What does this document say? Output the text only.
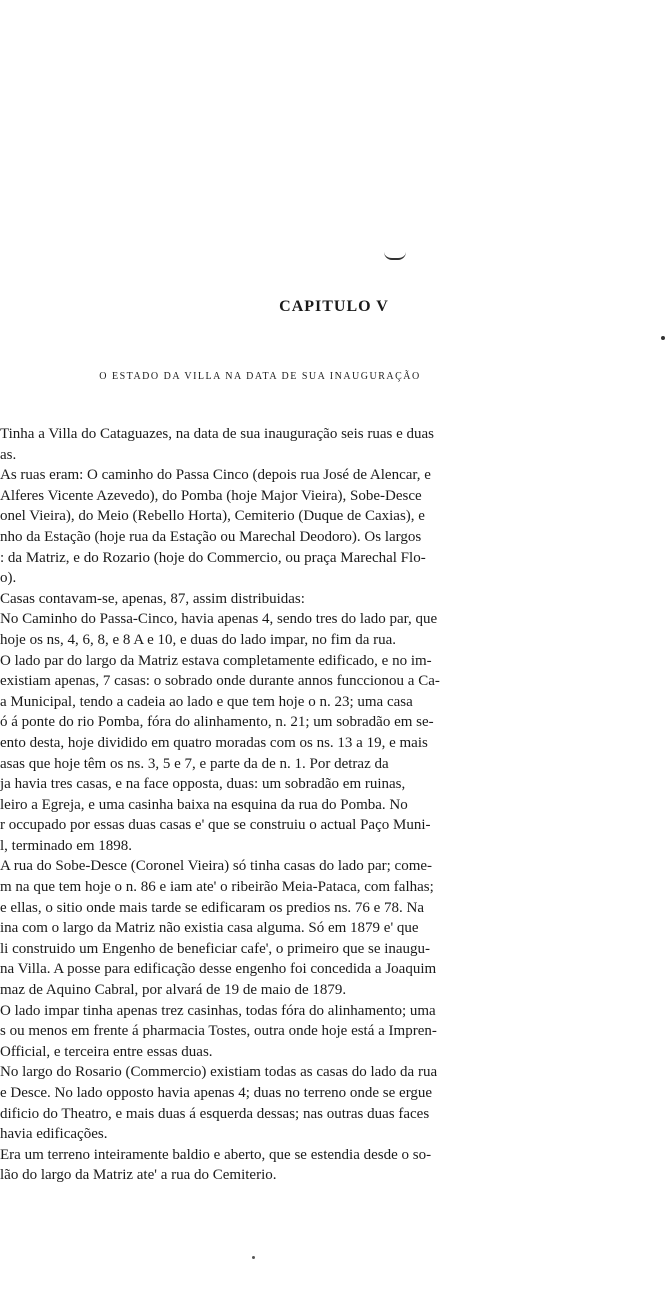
CAPITULO V
O ESTADO DA VILLA NA DATA DE SUA INAUGURAÇÃO
Tinha a Villa do Cataguazes, na data de sua inauguração seis ruas e duas
as.
As ruas eram: O caminho do Passa Cinco (depois rua José de Alencar, e
Alferes Vicente Azevedo), do Pomba (hoje Major Vieira), Sobe-Desce
onel Vieira), do Meio (Rebello Horta), Cemiterio (Duque de Caxias), e
nho da Estação (hoje rua da Estação ou Marechal Deodoro). Os largos
: da Matriz, e do Rozario (hoje do Commercio, ou praça Marechal Flo-
o).
Casas contavam-se, apenas, 87, assim distribuidas:
No Caminho do Passa-Cinco, havia apenas 4, sendo tres do lado par, que
hoje os ns, 4, 6, 8, e 8 A e 10, e duas do lado impar, no fim da rua.
O lado par do largo da Matriz estava completamente edificado, e no im-
existiam apenas, 7 casas: o sobrado onde durante annos funccionou a Ca-
a Municipal, tendo a cadeia ao lado e que tem hoje o n. 23; uma casa
ó á ponte do rio Pomba, fóra do alinhamento, n. 21; um sobradão em se-
ento desta, hoje dividido em quatro moradas com os ns. 13 a 19, e mais
asas que hoje têm os ns. 3, 5 e 7, e parte da de n. 1. Por detraz da
ja havia tres casas, e na face opposta, duas: um sobradão em ruinas,
leiro a Egreja, e uma casinha baixa na esquina da rua do Pomba. No
r occupado por essas duas casas e' que se construiu o actual Paço Muni-
l, terminado em 1898.
A rua do Sobe-Desce (Coronel Vieira) só tinha casas do lado par; come-
m na que tem hoje o n. 86 e iam ate' o ribeirão Meia-Pataca, com falhas;
e ellas, o sitio onde mais tarde se edificaram os predios ns. 76 e 78. Na
ina com o largo da Matriz não existia casa alguma. Só em 1879 e' que
li construido um Engenho de beneficiar cafe', o primeiro que se inaugu-
na Villa. A posse para edificação desse engenho foi concedida a Joaquim
maz de Aquino Cabral, por alvará de 19 de maio de 1879.
O lado impar tinha apenas trez casinhas, todas fóra do alinhamento; uma
s ou menos em frente á pharmacia Tostes, outra onde hoje está a Impren-
Official, e terceira entre essas duas.
No largo do Rosario (Commercio) existiam todas as casas do lado da rua
e Desce. No lado opposto havia apenas 4; duas no terreno onde se ergue
dificio do Theatro, e mais duas á esquerda dessas; nas outras duas faces
havia edificações.
Era um terreno inteiramente baldio e aberto, que se estendia desde o so-
lão do largo da Matriz ate' a rua do Cemiterio.
